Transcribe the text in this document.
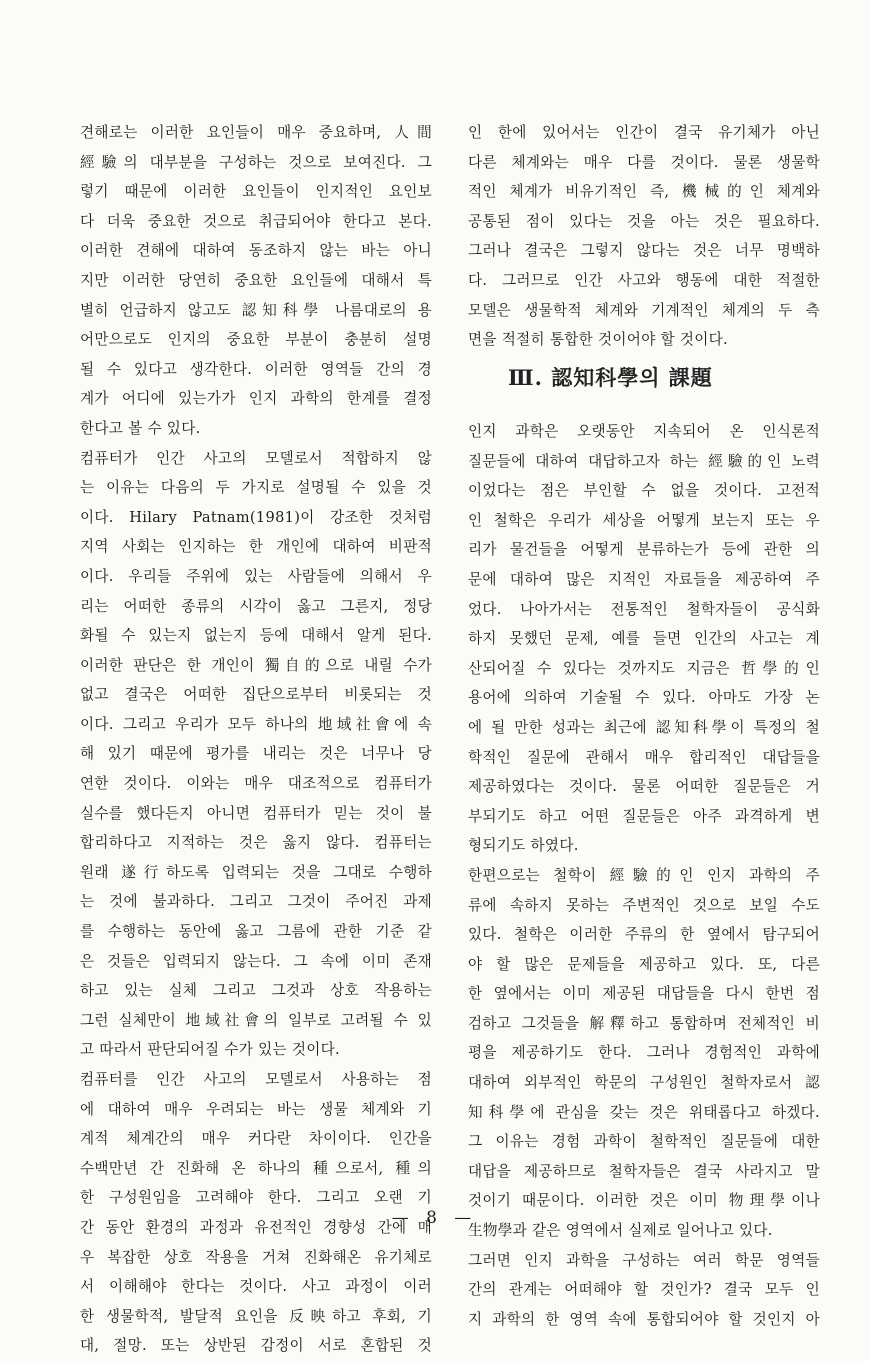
견해로는 이러한 요인들이 매우 중요하며, 人間
經驗의 대부분을 구성하는 것으로 보여진다. 그
렇기 때문에 이러한 요인들이 인지적인 요인보
다 더욱 중요한 것으로 취급되어야 한다고 본다.
이러한 견해에 대하여 동조하지 않는 바는 아니
지만 이러한 당연히 중요한 요인들에 대해서 특
별히 언급하지 않고도 認知科學 나름대로의 용
어만으로도 인지의 중요한 부분이 충분히 설명
될 수 있다고 생각한다. 이러한 영역들 간의 경
계가 어디에 있는가가 인지 과학의 한계를 결정
한다고 볼 수 있다.
컴퓨터가 인간 사고의 모델로서 적합하지 않
는 이유는 다음의 두 가지로 설명될 수 있을 것
이다. Hilary Patnam(1981)이 강조한 것처럼
지역 사회는 인지하는 한 개인에 대하여 비판적
이다. 우리들 주위에 있는 사람들에 의해서 우
리는 어떠한 종류의 시각이 옳고 그른지, 정당
화될 수 있는지 없는지 등에 대해서 알게 된다.
이러한 판단은 한 개인이 獨自的으로 내릴 수가
없고 결국은 어떠한 집단으로부터 비롯되는 것
이다. 그리고 우리가 모두 하나의 地域社會에 속
해 있기 때문에 평가를 내리는 것은 너무나 당
연한 것이다. 이와는 매우 대조적으로 컴퓨터가
실수를 했다든지 아니면 컴퓨터가 믿는 것이 불
합리하다고 지적하는 것은 옳지 않다. 컴퓨터는
원래 遂行하도록 입력되는 것을 그대로 수행하
는 것에 불과하다. 그리고 그것이 주어진 과제
를 수행하는 동안에 옳고 그름에 관한 기준 같
은 것들은 입력되지 않는다. 그 속에 이미 존재
하고 있는 실체 그리고 그것과 상호 작용하는
그런 실체만이 地域社會의 일부로 고려될 수 있
고 따라서 판단되어질 수가 있는 것이다.
컴퓨터를 인간 사고의 모델로서 사용하는 점
에 대하여 매우 우려되는 바는 생물 체계와 기
계적 체계간의 매우 커다란 차이이다. 인간을
수백만년 간 진화해 온 하나의 種으로서, 種의
한 구성원임을 고려해야 한다. 그리고 오랜 기
간 동안 환경의 과정과 유전적인 경향성 간에 매
우 복잡한 상호 작용을 거쳐 진화해온 유기체로
서 이해해야 한다는 것이다. 사고 과정이 이러
한 생물학적, 발달적 요인을 反映하고 후회, 기
대, 절망. 또는 상반된 감정이 서로 혼합된 것
인 한에 있어서는 인간이 결국 유기체가 아닌
다른 체계와는 매우 다를 것이다. 물론 생물학
적인 체계가 비유기적인 즉, 機械的인 체계와
공통된 점이 있다는 것을 아는 것은 필요하다.
그러나 결국은 그렇지 않다는 것은 너무 명백하
다. 그러므로 인간 사고와 행동에 대한 적절한
모델은 생물학적 체계와 기계적인 체계의 두 측
면을 적절히 통합한 것이어야 할 것이다.
Ⅲ. 認知科學의 課題
인지 과학은 오랫동안 지속되어 온 인식론적
질문들에 대하여 대답하고자 하는 經驗的인 노력
이었다는 점은 부인할 수 없을 것이다. 고전적
인 철학은 우리가 세상을 어떻게 보는지 또는 우
리가 물건들을 어떻게 분류하는가 등에 관한 의
문에 대하여 많은 지적인 자료들을 제공하여 주
었다. 나아가서는 전통적인 철학자들이 공식화
하지 못했던 문제, 예를 들면 인간의 사고는 계
산되어질 수 있다는 것까지도 지금은 哲學的인
용어에 의하여 기술될 수 있다. 아마도 가장 논
에 될 만한 성과는 최근에 認知科學이 특정의 철
학적인 질문에 관해서 매우 합리적인 대답들을
제공하였다는 것이다. 물론 어떠한 질문들은 거
부되기도 하고 어떤 질문들은 아주 과격하게 변
형되기도 하였다.
한편으로는 철학이 經驗的인 인지 과학의 주
류에 속하지 못하는 주변적인 것으로 보일 수도
있다. 철학은 이러한 주류의 한 옆에서 탐구되어
야 할 많은 문제들을 제공하고 있다. 또, 다른
한 옆에서는 이미 제공된 대답들을 다시 한번 점
검하고 그것들을 解釋하고 통합하며 전체적인 비
평을 제공하기도 한다. 그러나 경험적인 과학에
대하여 외부적인 학문의 구성원인 철학자로서 認
知科學에 관심을 갖는 것은 위태롭다고 하겠다.
그 이유는 경험 과학이 철학적인 질문들에 대한
대답을 제공하므로 철학자들은 결국 사라지고 말
것이기 때문이다. 이러한 것은 이미 物理學이나
生物學과 같은 영역에서 실제로 일어나고 있다.
그러면 인지 과학을 구성하는 여러 학문 영역들
간의 관계는 어떠해야 할 것인가? 결국 모두 인
지 과학의 한 영역 속에 통합되어야 할 것인지 아
— 8 —
